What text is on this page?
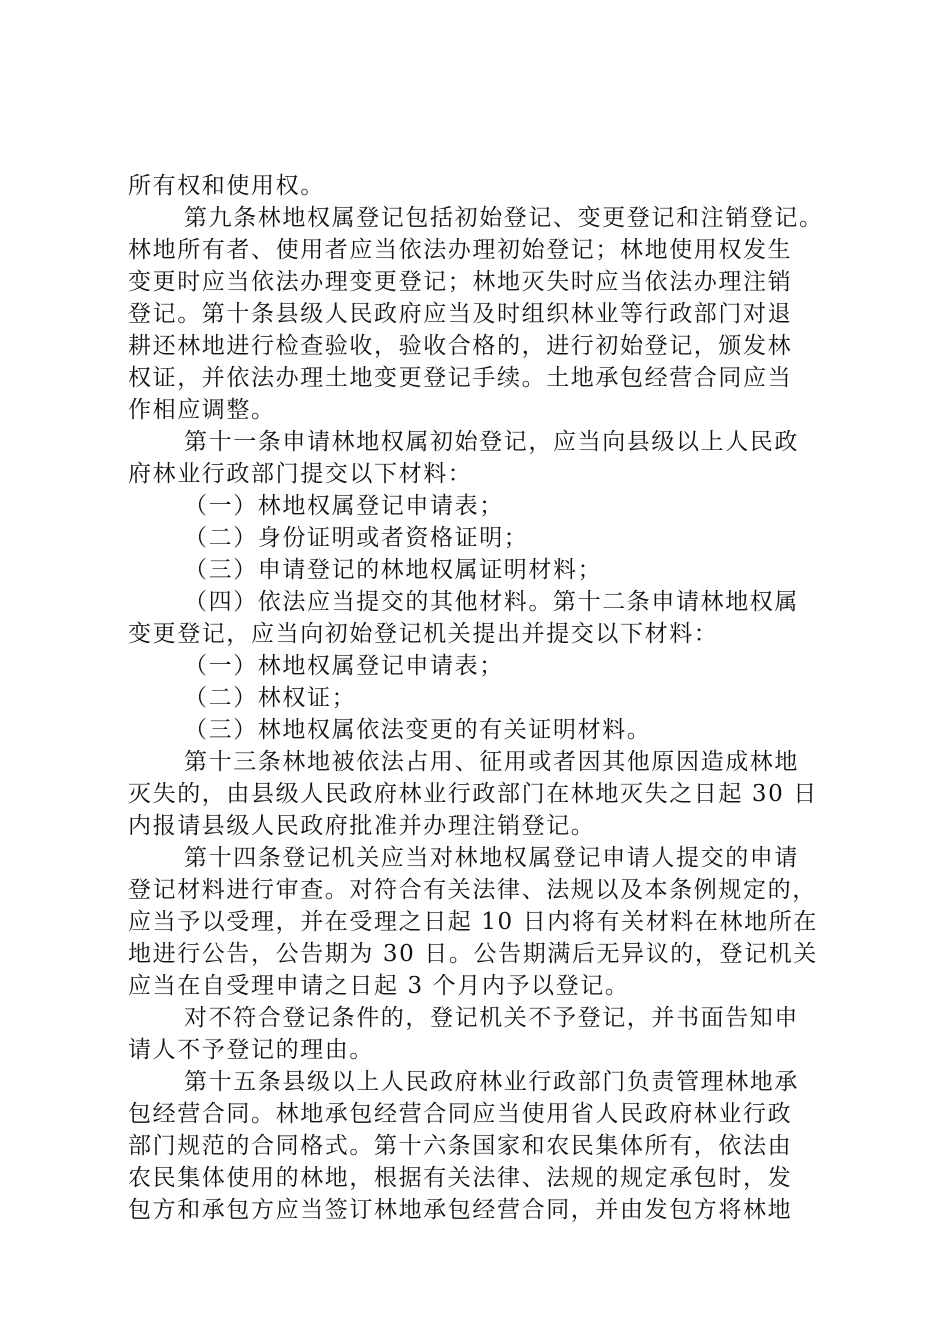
所有权和使用权。
第九条林地权属登记包括初始登记、变更登记和注销登记。
林地所有者、使用者应当依法办理初始登记；林地使用权发生
变更时应当依法办理变更登记；林地灭失时应当依法办理注销
登记。第十条县级人民政府应当及时组织林业等行政部门对退
耕还林地进行检查验收，验收合格的，进行初始登记，颁发林
权证，并依法办理土地变更登记手续。土地承包经营合同应当
作相应调整。
第十一条申请林地权属初始登记，应当向县级以上人民政
府林业行政部门提交以下材料：
（一）林地权属登记申请表；
（二）身份证明或者资格证明；
（三）申请登记的林地权属证明材料；
（四）依法应当提交的其他材料。第十二条申请林地权属
变更登记，应当向初始登记机关提出并提交以下材料：
（一）林地权属登记申请表；
（二）林权证；
（三）林地权属依法变更的有关证明材料。
第十三条林地被依法占用、征用或者因其他原因造成林地
灭失的，由县级人民政府林业行政部门在林地灭失之日起 30 日
内报请县级人民政府批准并办理注销登记。
第十四条登记机关应当对林地权属登记申请人提交的申请
登记材料进行审查。对符合有关法律、法规以及本条例规定的，
应当予以受理，并在受理之日起 10 日内将有关材料在林地所在
地进行公告，公告期为 30 日。公告期满后无异议的，登记机关
应当在自受理申请之日起 3 个月内予以登记。
对不符合登记条件的，登记机关不予登记，并书面告知申
请人不予登记的理由。
第十五条县级以上人民政府林业行政部门负责管理林地承
包经营合同。林地承包经营合同应当使用省人民政府林业行政
部门规范的合同格式。第十六条国家和农民集体所有，依法由
农民集体使用的林地，根据有关法律、法规的规定承包时，发
包方和承包方应当签订林地承包经营合同，并由发包方将林地
